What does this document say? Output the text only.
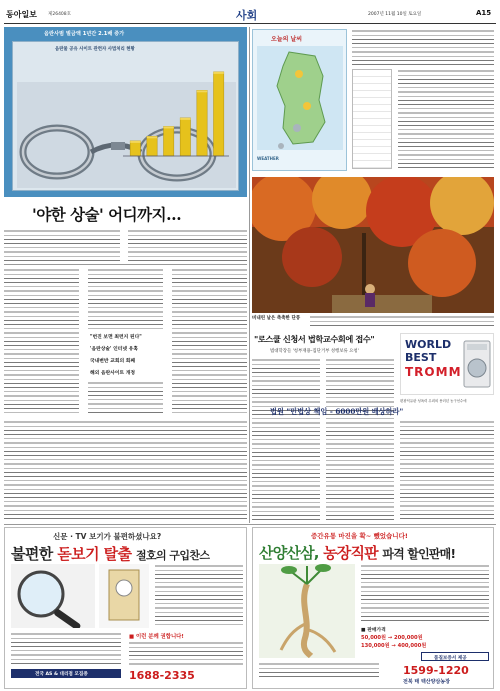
동아일보 제26408호	사회	2007년 11월 10일 토요일	A15
음란사범 벌금액 1년간 2.1배 증가
음란물 공유 사이트 관련자 사법처리 현황
'야한 상술' 어디까지…
"번진 보면 최런지 된다"
'음란상술' 인터넷 유혹
국내변반 교회의 회째
해외 음란사이트 개정
오늘의 날씨
WEATHER
비내린 날은 축축한 단풍
"로스쿨 신청서 법학교수회에 접수"
법대학장들 '청부재용-집단거부 성행보류 요청'
WORLD
BEST
TROMM
편광덕유판 성폭력 무죄외 용러년 농구선수에
법원 "민법상 책임 - 6000만원 배상하라"
신문 · TV 보기가 불편하셨나요?
불편한 돋보기 탈출 절호의 구입찬스
■ 이런 분께 권합니다!
전국 AS & 대리점 모집중	1688-2335
증간유통 마진을 확~ 뺐었습니다!
산양산삼, 농장직판 파격 할인판매!
■ 판매가격
50,000원 → 200,000원
130,000원 → 400,000원
품질보증서 제공
1599-1220
전북 태 텍산양삼농장
